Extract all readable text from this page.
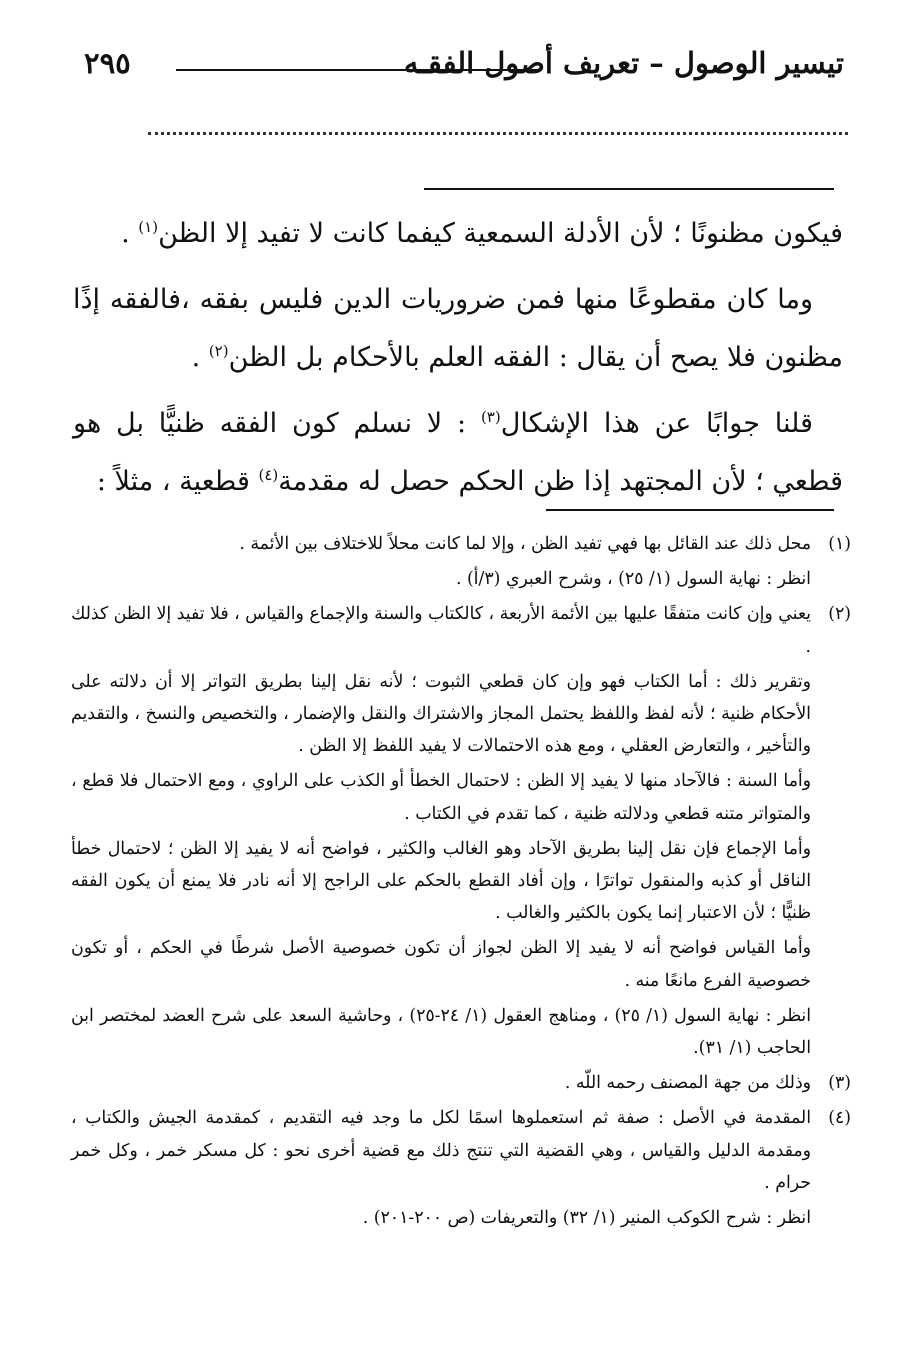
تيسير الوصول – تعريف أصول الفقـه
٢٩٥

فيكون مظنونًا ؛ لأن الأدلة السمعية كيفما كانت لا تفيد إلا الظن$^{(١)}$ .

وما كان مقطوعًا منها فمن ضروريات الدين فليس بفقه ،فالفقه إذًا مظنون فلا يصح أن يقال : الفقه العلم بالأحكام بل الظن$^{(٢)}$ .

قلنا جوابًا عن هذا الإشكال$^{(٣)}$ : لا نسلم كون الفقه ظنيًّا بل هو قطعي ؛ لأن المجتهد إذا ظن الحكم حصل له مقدمة$^{(٤)}$ قطعية ، مثلاً :

(١)محل ذلك عند القائل بها فهي تفيد الظن ، وإلا لما كانت محلاً للاختلاف بين الأئمة .

انظر : نهاية السول (١/ ٢٥) ، وشرح العبري (٣/أ) .

(٢)يعني وإن كانت متفقًا عليها بين الأئمة الأربعة ، كالكتاب والسنة والإجماع والقياس ، فلا تفيد إلا الظن كذلك .

وتقرير ذلك : أما الكتاب فهو وإن كان قطعي الثبوت ؛ لأنه نقل إلينا بطريق التواتر إلا أن دلالته على الأحكام ظنية ؛ لأنه لفظ واللفظ يحتمل المجاز والاشتراك والنقل والإضمار ، والتخصيص والنسخ ، والتقديم والتأخير ، والتعارض العقلي ، ومع هذه الاحتمالات لا يفيد اللفظ إلا الظن .

وأما السنة : فالآحاد منها لا يفيد إلا الظن : لاحتمال الخطأ أو الكذب على الراوي ، ومع الاحتمال فلا قطع ، والمتواتر متنه قطعي ودلالته ظنية ، كما تقدم في الكتاب .

وأما الإجماع فإن نقل إلينا بطريق الآحاد وهو الغالب والكثير ، فواضح أنه لا يفيد إلا الظن ؛ لاحتمال خطأ الناقل أو كذبه والمنقول تواترًا ، وإن أفاد القطع بالحكم على الراجح إلا أنه نادر فلا يمنع أن يكون الفقه ظنيًّا ؛ لأن الاعتبار إنما يكون بالكثير والغالب .

وأما القياس فواضح أنه لا يفيد إلا الظن لجواز أن تكون خصوصية الأصل شرطًا في الحكم ، أو تكون خصوصية الفرع مانعًا منه .

انظر : نهاية السول (١/ ٢٥) ، ومناهج العقول (١/ ٢٤-٢٥) ، وحاشية السعد على شرح العضد لمختصر ابن الحاجب (١/ ٣١).

(٣)وذلك من جهة المصنف رحمه اللّه .

(٤)المقدمة في الأصل : صفة ثم استعملوها اسمًا لكل ما وجد فيه التقديم ، كمقدمة الجيش والكتاب ، ومقدمة الدليل والقياس ، وهي القضية التي تنتج ذلك مع قضية أخرى نحو : كل مسكر خمر ، وكل خمر حرام .

انظر : شرح الكوكب المنير (١/ ٣٢) والتعريفات (ص ٢٠٠-٢٠١) .
